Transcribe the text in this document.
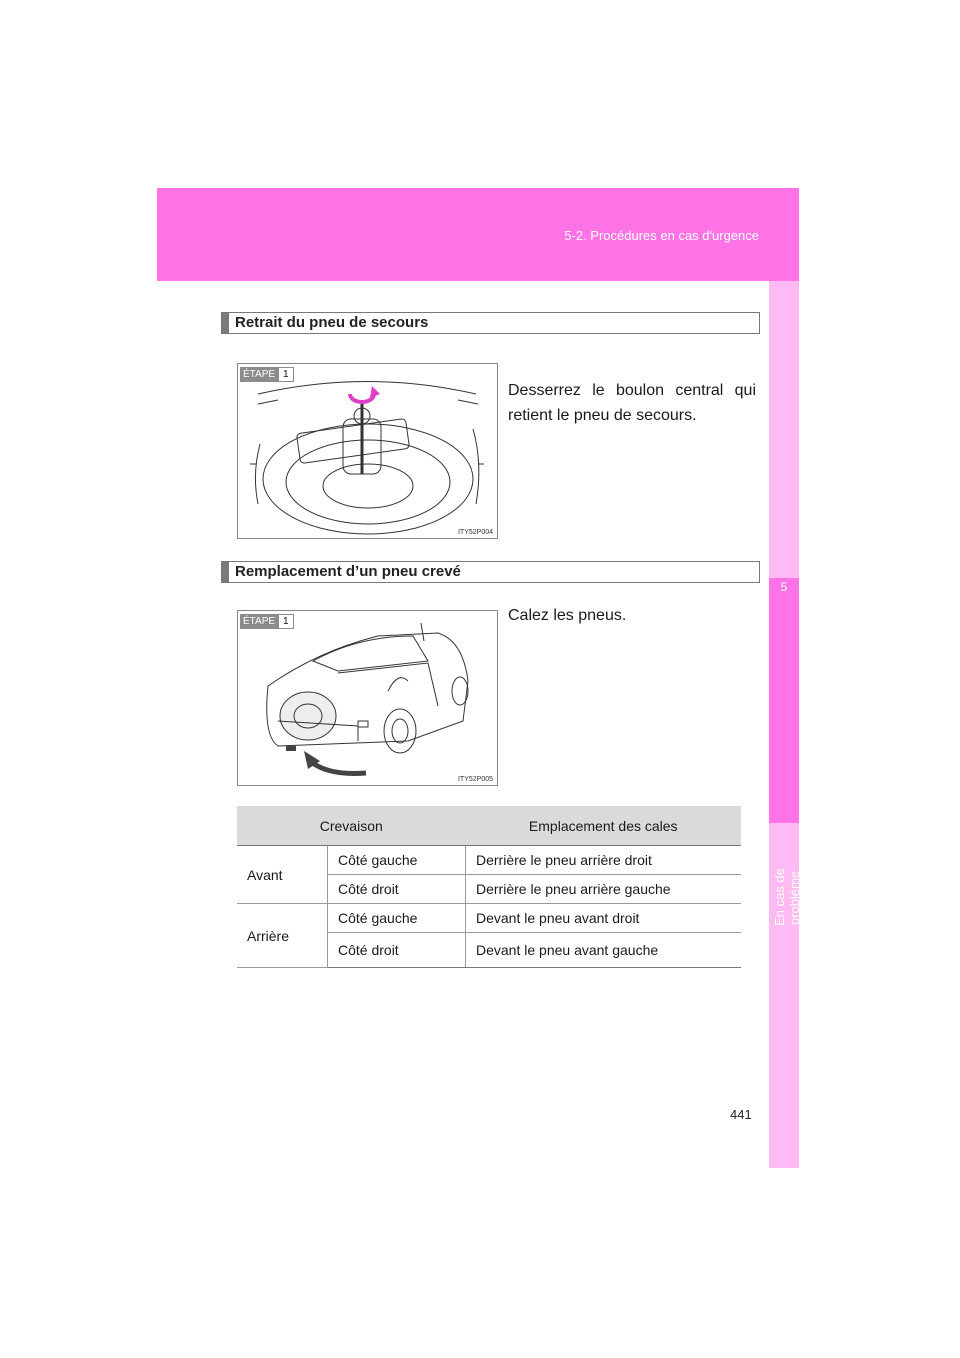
5-2. Procédures en cas d'urgence
5
En cas de problème
Retrait du pneu de secours
ÉTAPE 1
ITY52P004
Desserrez le boulon central qui retient le pneu de secours.
Remplacement d’un pneu crevé
ÉTAPE 1
ITY52P005
Calez les pneus.
Crevaison		Emplacement des cales
Avant	Côté gauche	Derrière le pneu arrière droit
	Côté droit	Derrière le pneu arrière gauche
Arrière	Côté gauche	Devant le pneu avant droit
	Côté droit	Devant le pneu avant gauche
441
